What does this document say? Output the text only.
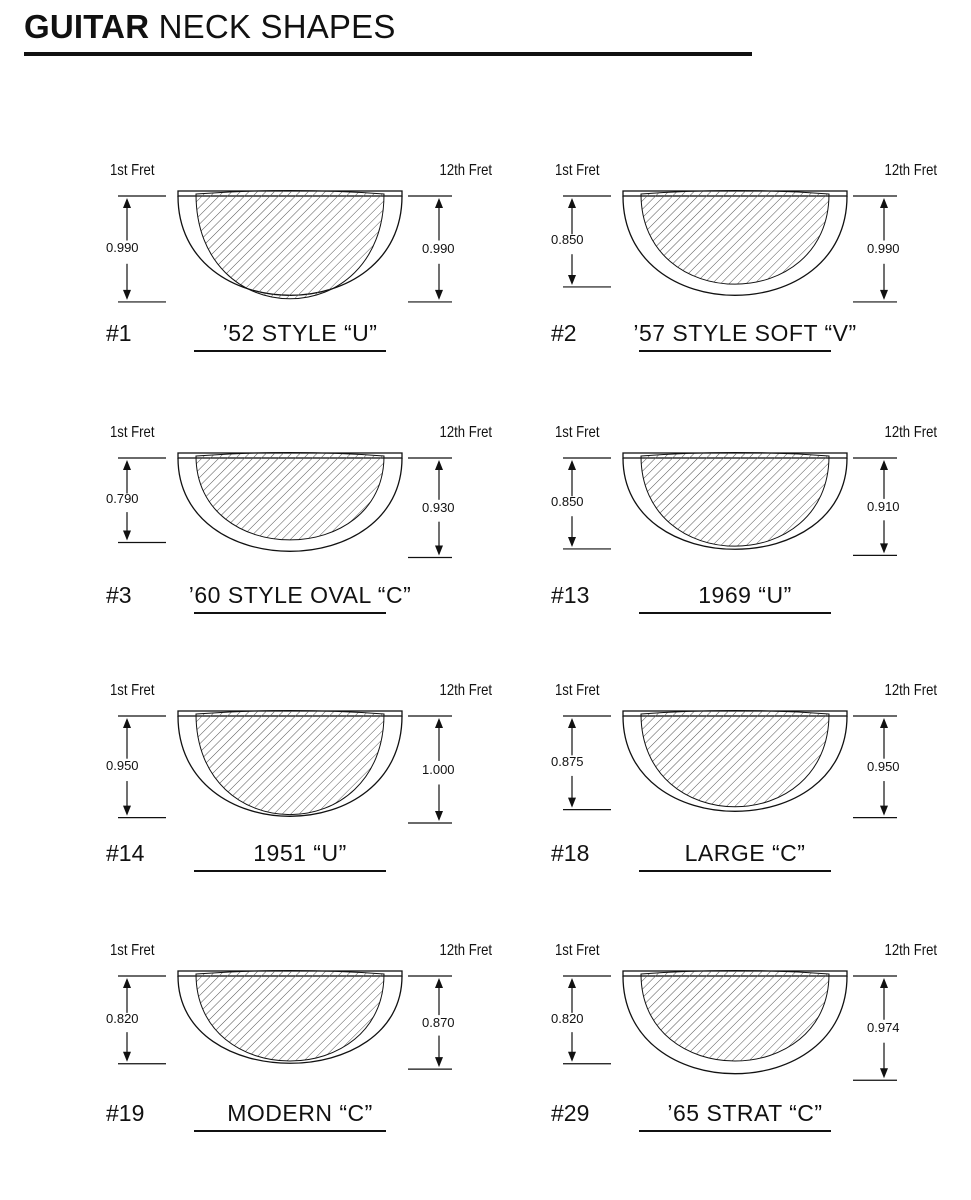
GUITAR NECK SHAPES
1st Fret	12th Fret
0.990	0.990
#1	’52 STYLE “U”
1st Fret	12th Fret
0.850
0.990
#2	’57 STYLE SOFT “V”
1st Fret	12th Fret
0.790
0.930
#3	’60 STYLE OVAL “C”
1st Fret	12th Fret
0.850	0.910
#13	1969 “U”
1st Fret	12th Fret
0.950	1.000
#14	1951 “U”
1st Fret	12th Fret
0.875	0.950
#18	LARGE “C”
1st Fret	12th Fret
0.820	0.870
#19	MODERN “C”
1st Fret	12th Fret
0.820
0.974
#29	’65 STRAT “C”
